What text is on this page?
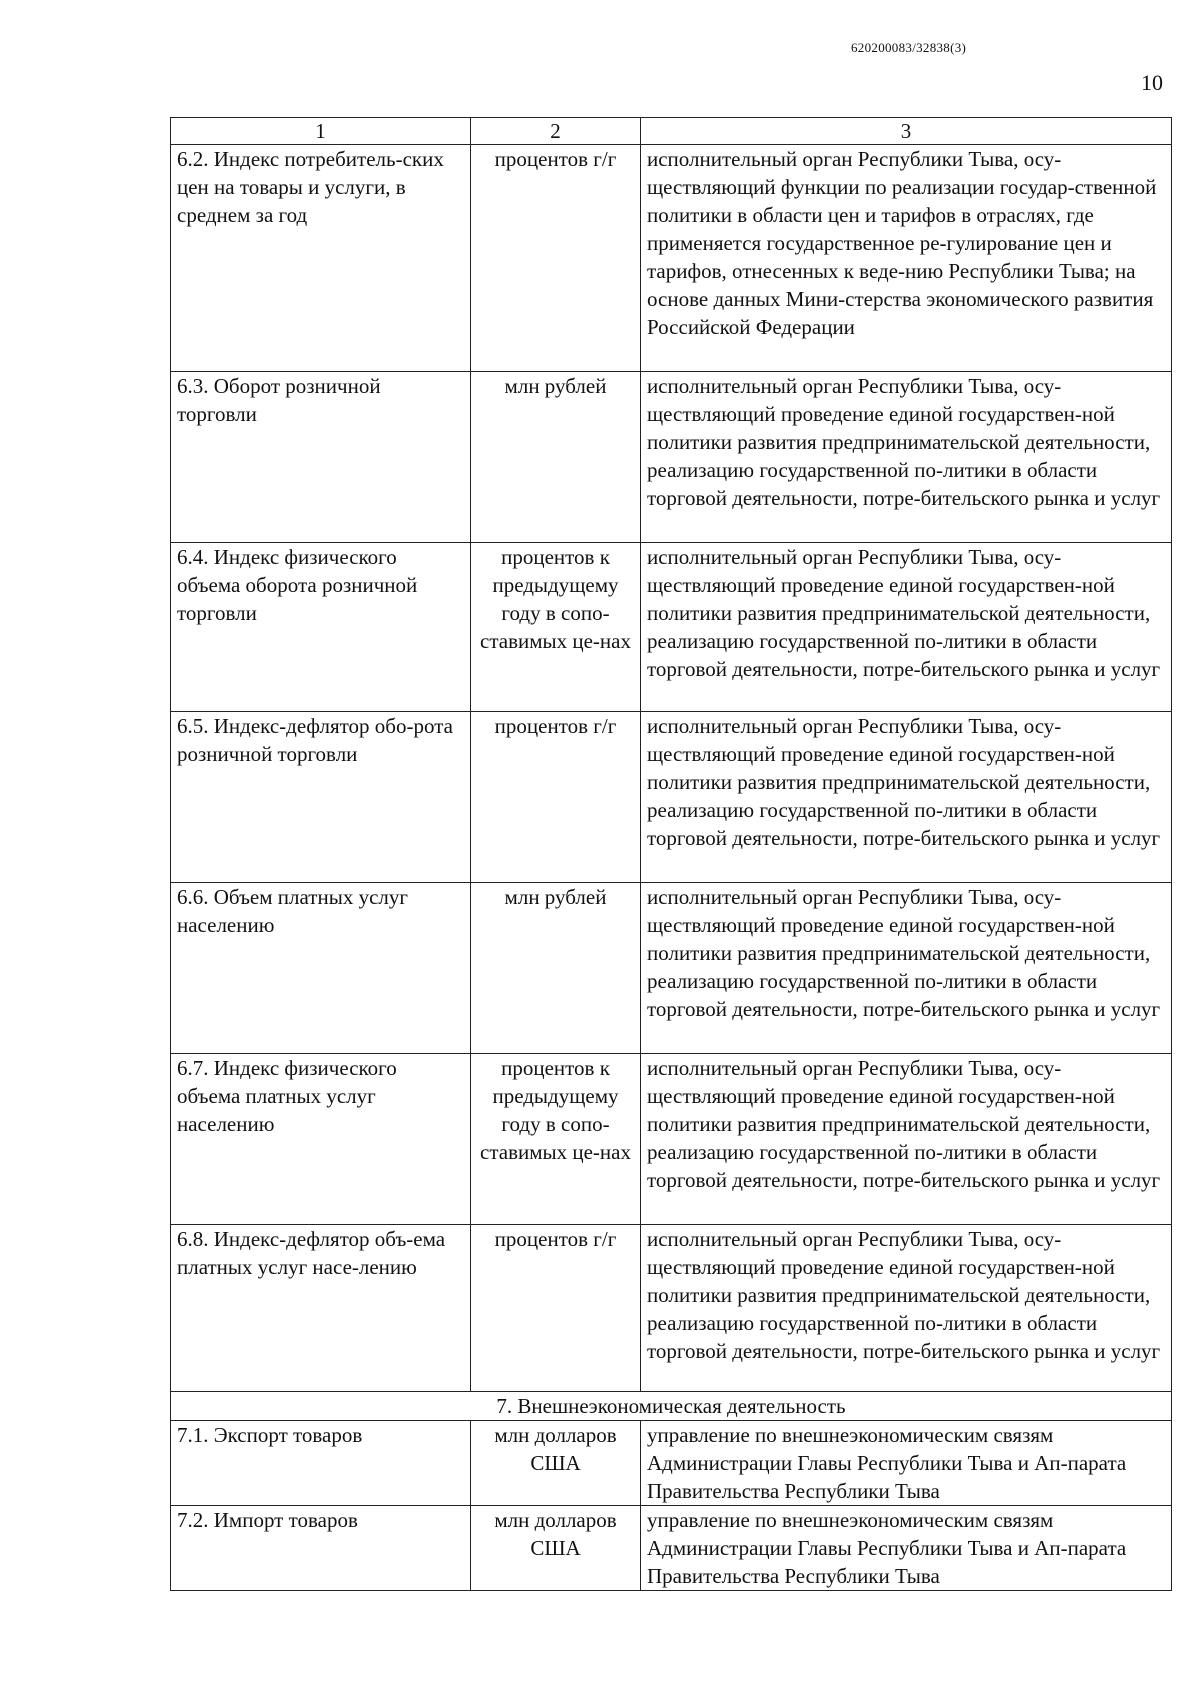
620200083/32838(3)
10
1	2	3
6.2. Индекс потребитель-ских цен на товары и услуги, в среднем за год	процентов г/г	исполнительный орган Республики Тыва, осу-ществляющий функции по реализации государ-ственной политики в области цен и тарифов в отраслях, где применяется государственное ре-гулирование цен и тарифов, отнесенных к веде-нию Республики Тыва; на основе данных Мини-стерства экономического развития Российской Федерации
6.3. Оборот розничной торговли	млн рублей	исполнительный орган Республики Тыва, осу-ществляющий проведение единой государствен-ной политики развития предпринимательской деятельности, реализацию государственной по-литики в области торговой деятельности, потре-бительского рынка и услуг
6.4. Индекс физического объема оборота розничной торговли	процентов к предыдущему году в сопо-ставимых це-нах	исполнительный орган Республики Тыва, осу-ществляющий проведение единой государствен-ной политики развития предпринимательской деятельности, реализацию государственной по-литики в области торговой деятельности, потре-бительского рынка и услуг
6.5. Индекс-дефлятор обо-рота розничной торговли	процентов г/г	исполнительный орган Республики Тыва, осу-ществляющий проведение единой государствен-ной политики развития предпринимательской деятельности, реализацию государственной по-литики в области торговой деятельности, потре-бительского рынка и услуг
6.6. Объем платных услуг населению	млн рублей	исполнительный орган Республики Тыва, осу-ществляющий проведение единой государствен-ной политики развития предпринимательской деятельности, реализацию государственной по-литики в области торговой деятельности, потре-бительского рынка и услуг
6.7. Индекс физического объема платных услуг населению	процентов к предыдущему году в сопо-ставимых це-нах	исполнительный орган Республики Тыва, осу-ществляющий проведение единой государствен-ной политики развития предпринимательской деятельности, реализацию государственной по-литики в области торговой деятельности, потре-бительского рынка и услуг
6.8. Индекс-дефлятор объ-ема платных услуг насе-лению	процентов г/г	исполнительный орган Республики Тыва, осу-ществляющий проведение единой государствен-ной политики развития предпринимательской деятельности, реализацию государственной по-литики в области торговой деятельности, потре-бительского рынка и услуг
7. Внешнеэкономическая деятельность		
7.1. Экспорт товаров	млн долларов США	управление по внешнеэкономическим связям Администрации Главы Республики Тыва и Ап-парата Правительства Республики Тыва
7.2. Импорт товаров	млн долларов США	управление по внешнеэкономическим связям Администрации Главы Республики Тыва и Ап-парата Правительства Республики Тыва
